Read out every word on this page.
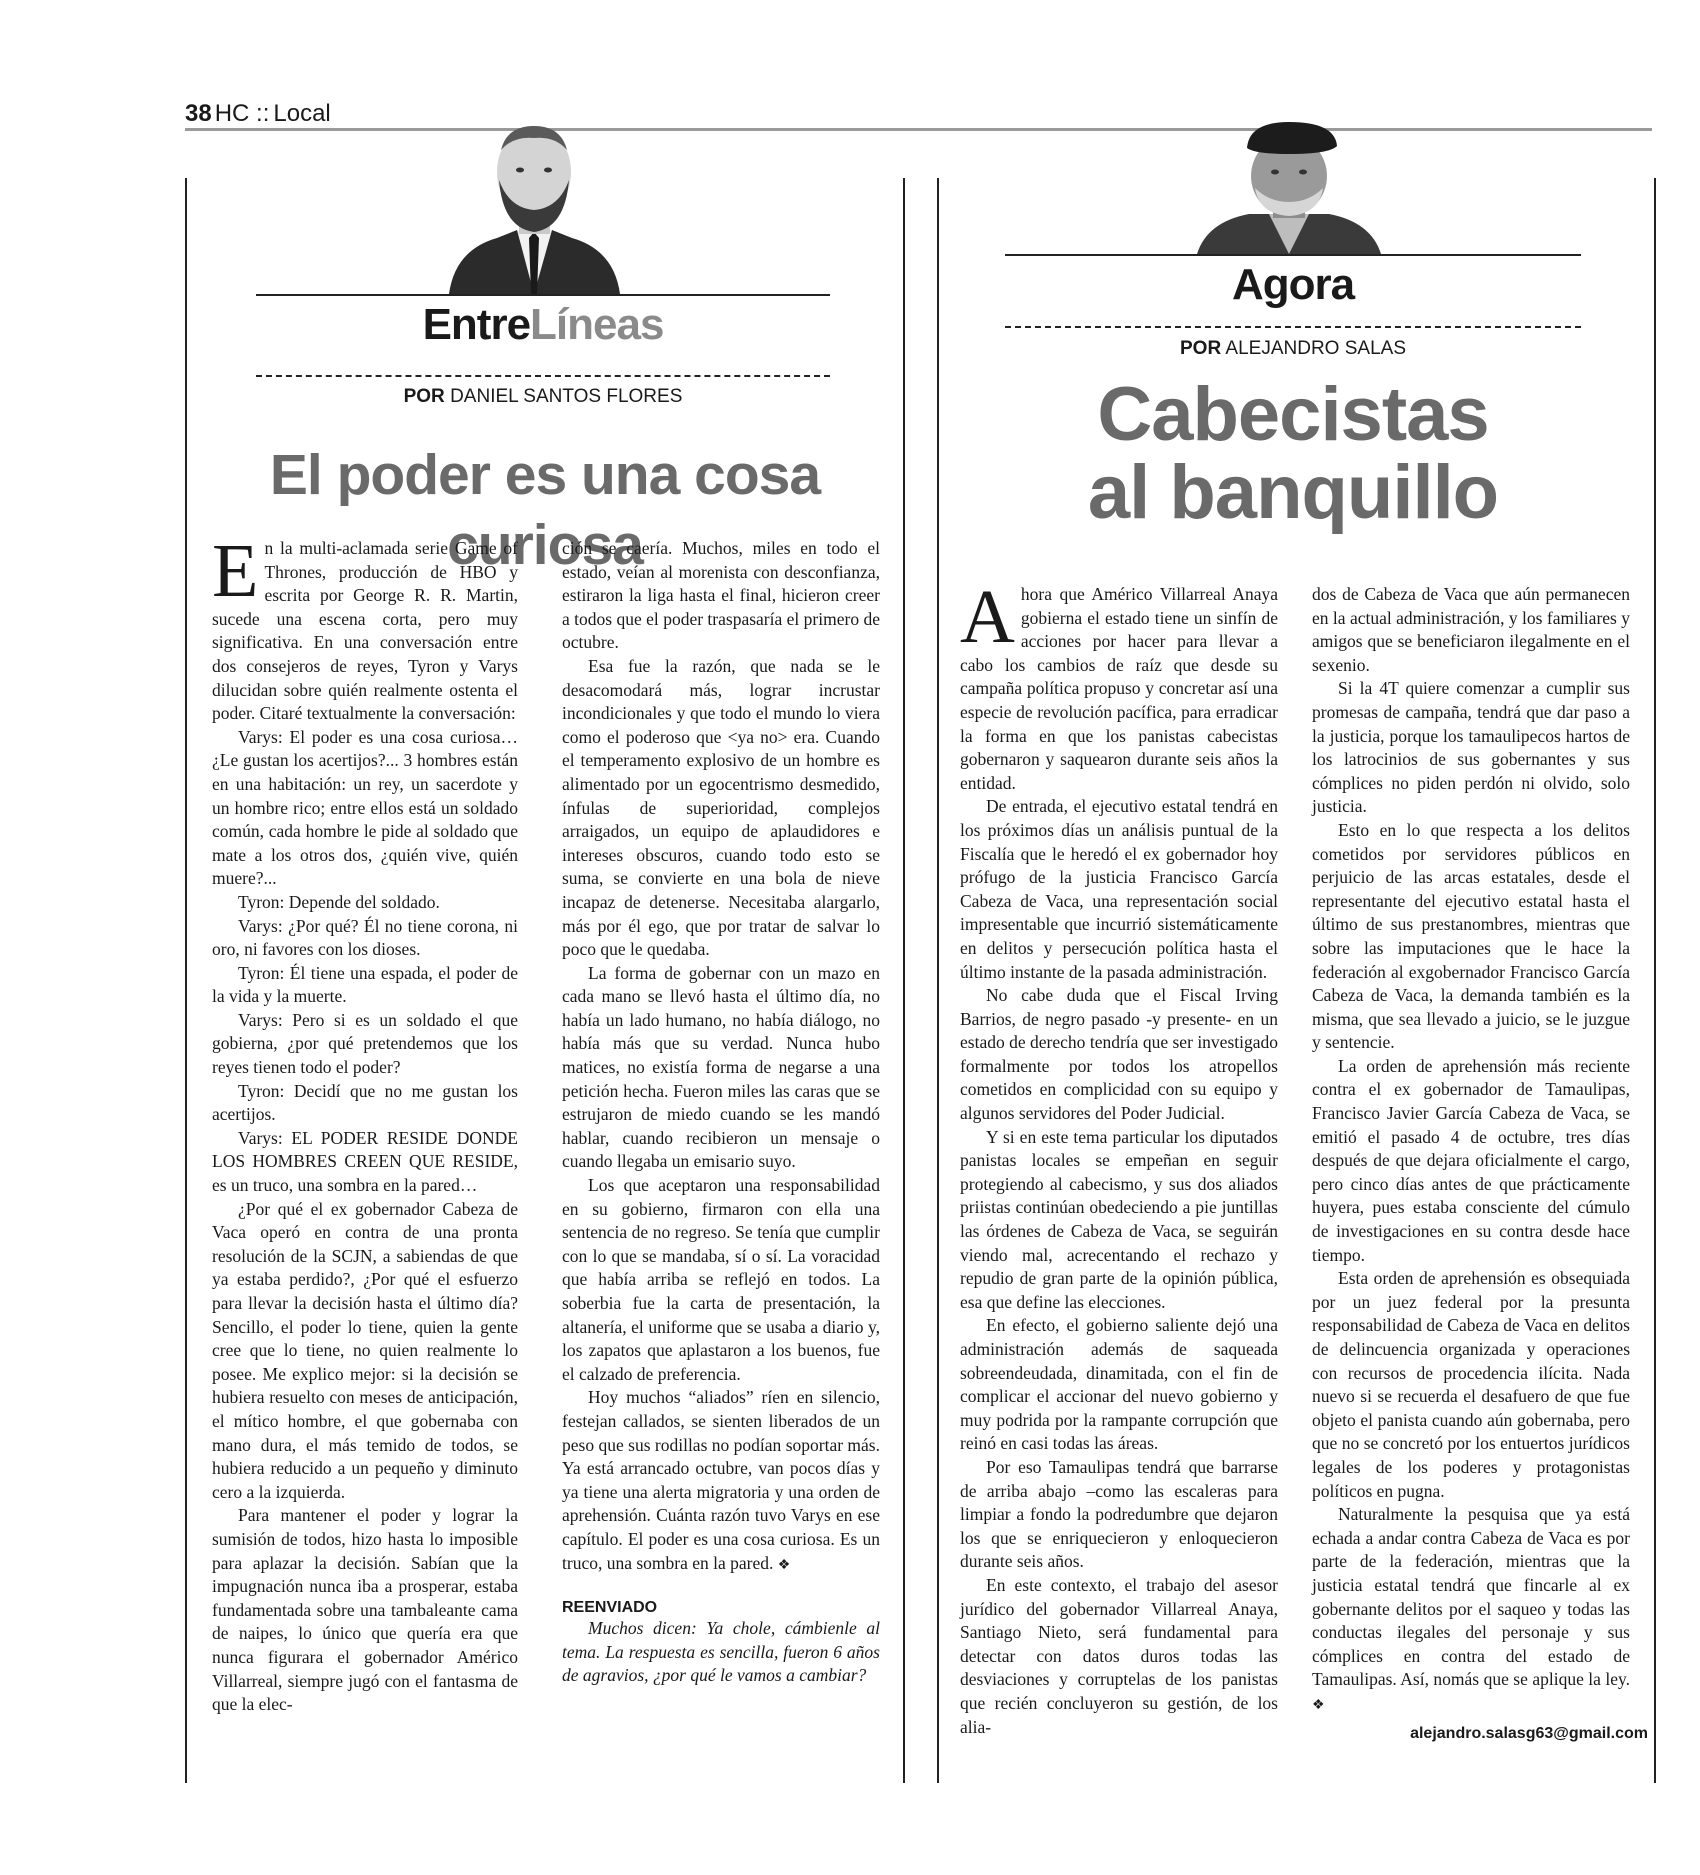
38 HC :: Local
EntreLíneas
POR DANIEL SANTOS FLORES
El poder es una cosa curiosa

En la multi-aclamada serie Game of Thrones, producción de HBO y escrita por George R. R. Martin, sucede una escena corta, pero muy significativa. En una conversación entre dos consejeros de reyes, Tyron y Varys dilucidan sobre quién realmente ostenta el poder. Citaré textualmente la conversación:

Varys: El poder es una cosa curiosa… ¿Le gustan los acertijos?... 3 hombres están en una habitación: un rey, un sacerdote y un hombre rico; entre ellos está un soldado común, cada hombre le pide al soldado que mate a los otros dos, ¿quién vive, quién muere?...

Tyron: Depende del soldado.

Varys: ¿Por qué? Él no tiene corona, ni oro, ni favores con los dioses.

Tyron: Él tiene una espada, el poder de la vida y la muerte.

Varys: Pero si es un soldado el que gobierna, ¿por qué pretendemos que los reyes tienen todo el poder?

Tyron: Decidí que no me gustan los acertijos.

Varys: EL PODER RESIDE DONDE LOS HOMBRES CREEN QUE RESIDE, es un truco, una sombra en la pared…

¿Por qué el ex gobernador Cabeza de Vaca operó en contra de una pronta resolución de la SCJN, a sabiendas de que ya estaba perdido?, ¿Por qué el esfuerzo para llevar la decisión hasta el último día? Sencillo, el poder lo tiene, quien la gente cree que lo tiene, no quien realmente lo posee. Me explico mejor: si la decisión se hubiera resuelto con meses de anticipación, el mítico hombre, el que gobernaba con mano dura, el más temido de todos, se hubiera reducido a un pequeño y diminuto cero a la izquierda.

Para mantener el poder y lograr la sumisión de todos, hizo hasta lo imposible para aplazar la decisión. Sabían que la impugnación nunca iba a prosperar, estaba fundamentada sobre una tambaleante cama de naipes, lo único que quería era que nunca figurara el gobernador Américo Villarreal, siempre jugó con el fantasma de que la elec-

ción se caería. Muchos, miles en todo el estado, veían al morenista con desconfianza, estiraron la liga hasta el final, hicieron creer a todos que el poder traspasaría el primero de octubre.

Esa fue la razón, que nada se le desacomodará más, lograr incrustar incondicionales y que todo el mundo lo viera como el poderoso que <ya no> era. Cuando el temperamento explosivo de un hombre es alimentado por un egocentrismo desmedido, ínfulas de superioridad, complejos arraigados, un equipo de aplaudidores e intereses obscuros, cuando todo esto se suma, se convierte en una bola de nieve incapaz de detenerse. Necesitaba alargarlo, más por él ego, que por tratar de salvar lo poco que le quedaba.

La forma de gobernar con un mazo en cada mano se llevó hasta el último día, no había un lado humano, no había diálogo, no había más que su verdad. Nunca hubo matices, no existía forma de negarse a una petición hecha. Fueron miles las caras que se estrujaron de miedo cuando se les mandó hablar, cuando recibieron un mensaje o cuando llegaba un emisario suyo.

Los que aceptaron una responsabilidad en su gobierno, firmaron con ella una sentencia de no regreso. Se tenía que cumplir con lo que se mandaba, sí o sí. La voracidad que había arriba se reflejó en todos. La soberbia fue la carta de presentación, la altanería, el uniforme que se usaba a diario y, los zapatos que aplastaron a los buenos, fue el calzado de preferencia.

Hoy muchos “aliados” ríen en silencio, festejan callados, se sienten liberados de un peso que sus rodillas no podían soportar más. Ya está arrancado octubre, van pocos días y ya tiene una alerta migratoria y una orden de aprehensión. Cuánta razón tuvo Varys en ese capítulo. El poder es una cosa curiosa. Es un truco, una sombra en la pared. ❖

REENVIADO

Muchos dicen: Ya chole, cámbienle al tema. La respuesta es sencilla, fueron 6 años de agravios, ¿por qué le vamos a cambiar?

Agora
POR ALEJANDRO SALAS
Cabecistas
al banquillo

Ahora que Américo Villarreal Anaya gobierna el estado tiene un sinfín de acciones por hacer para llevar a cabo los cambios de raíz que desde su campaña política propuso y concretar así una especie de revolución pacífica, para erradicar la forma en que los panistas cabecistas gobernaron y saquearon durante seis años la entidad.

De entrada, el ejecutivo estatal tendrá en los próximos días un análisis puntual de la Fiscalía que le heredó el ex gobernador hoy prófugo de la justicia Francisco García Cabeza de Vaca, una representación social impresentable que incurrió sistemáticamente en delitos y persecución política hasta el último instante de la pasada administración.

No cabe duda que el Fiscal Irving Barrios, de negro pasado -y presente- en un estado de derecho tendría que ser investigado formalmente por todos los atropellos cometidos en complicidad con su equipo y algunos servidores del Poder Judicial.

Y si en este tema particular los diputados panistas locales se empeñan en seguir protegiendo al cabecismo, y sus dos aliados priistas continúan obedeciendo a pie juntillas las órdenes de Cabeza de Vaca, se seguirán viendo mal, acrecentando el rechazo y repudio de gran parte de la opinión pública, esa que define las elecciones.

En efecto, el gobierno saliente dejó una administración además de saqueada sobreendeudada, dinamitada, con el fin de complicar el accionar del nuevo gobierno y muy podrida por la rampante corrupción que reinó en casi todas las áreas.

Por eso Tamaulipas tendrá que barrarse de arriba abajo –como las escaleras para limpiar a fondo la podredumbre que dejaron los que se enriquecieron y enloquecieron durante seis años.

En este contexto, el trabajo del asesor jurídico del gobernador Villarreal Anaya, Santiago Nieto, será fundamental para detectar con datos duros todas las desviaciones y corruptelas de los panistas que recién concluyeron su gestión, de los alia-

dos de Cabeza de Vaca que aún permanecen en la actual administración, y los familiares y amigos que se beneficiaron ilegalmente en el sexenio.

Si la 4T quiere comenzar a cumplir sus promesas de campaña, tendrá que dar paso a la justicia, porque los tamaulipecos hartos de los latrocinios de sus gobernantes y sus cómplices no piden perdón ni olvido, solo justicia.

Esto en lo que respecta a los delitos cometidos por servidores públicos en perjuicio de las arcas estatales, desde el representante del ejecutivo estatal hasta el último de sus prestanombres, mientras que sobre las imputaciones que le hace la federación al exgobernador Francisco García Cabeza de Vaca, la demanda también es la misma, que sea llevado a juicio, se le juzgue y sentencie.

La orden de aprehensión más reciente contra el ex gobernador de Tamaulipas, Francisco Javier García Cabeza de Vaca, se emitió el pasado 4 de octubre, tres días después de que dejara oficialmente el cargo, pero cinco días antes de que prácticamente huyera, pues estaba consciente del cúmulo de investigaciones en su contra desde hace tiempo.

Esta orden de aprehensión es obsequiada por un juez federal por la presunta responsabilidad de Cabeza de Vaca en delitos de delincuencia organizada y operaciones con recursos de procedencia ilícita. Nada nuevo si se recuerda el desafuero de que fue objeto el panista cuando aún gobernaba, pero que no se concretó por los entuertos jurídicos legales de los poderes y protagonistas políticos en pugna.

Naturalmente la pesquisa que ya está echada a andar contra Cabeza de Vaca es por parte de la federación, mientras que la justicia estatal tendrá que fincarle al ex gobernante delitos por el saqueo y todas las conductas ilegales del personaje y sus cómplices en contra del estado de Tamaulipas. Así, nomás que se aplique la ley. ❖

alejandro.salasg63@gmail.com
